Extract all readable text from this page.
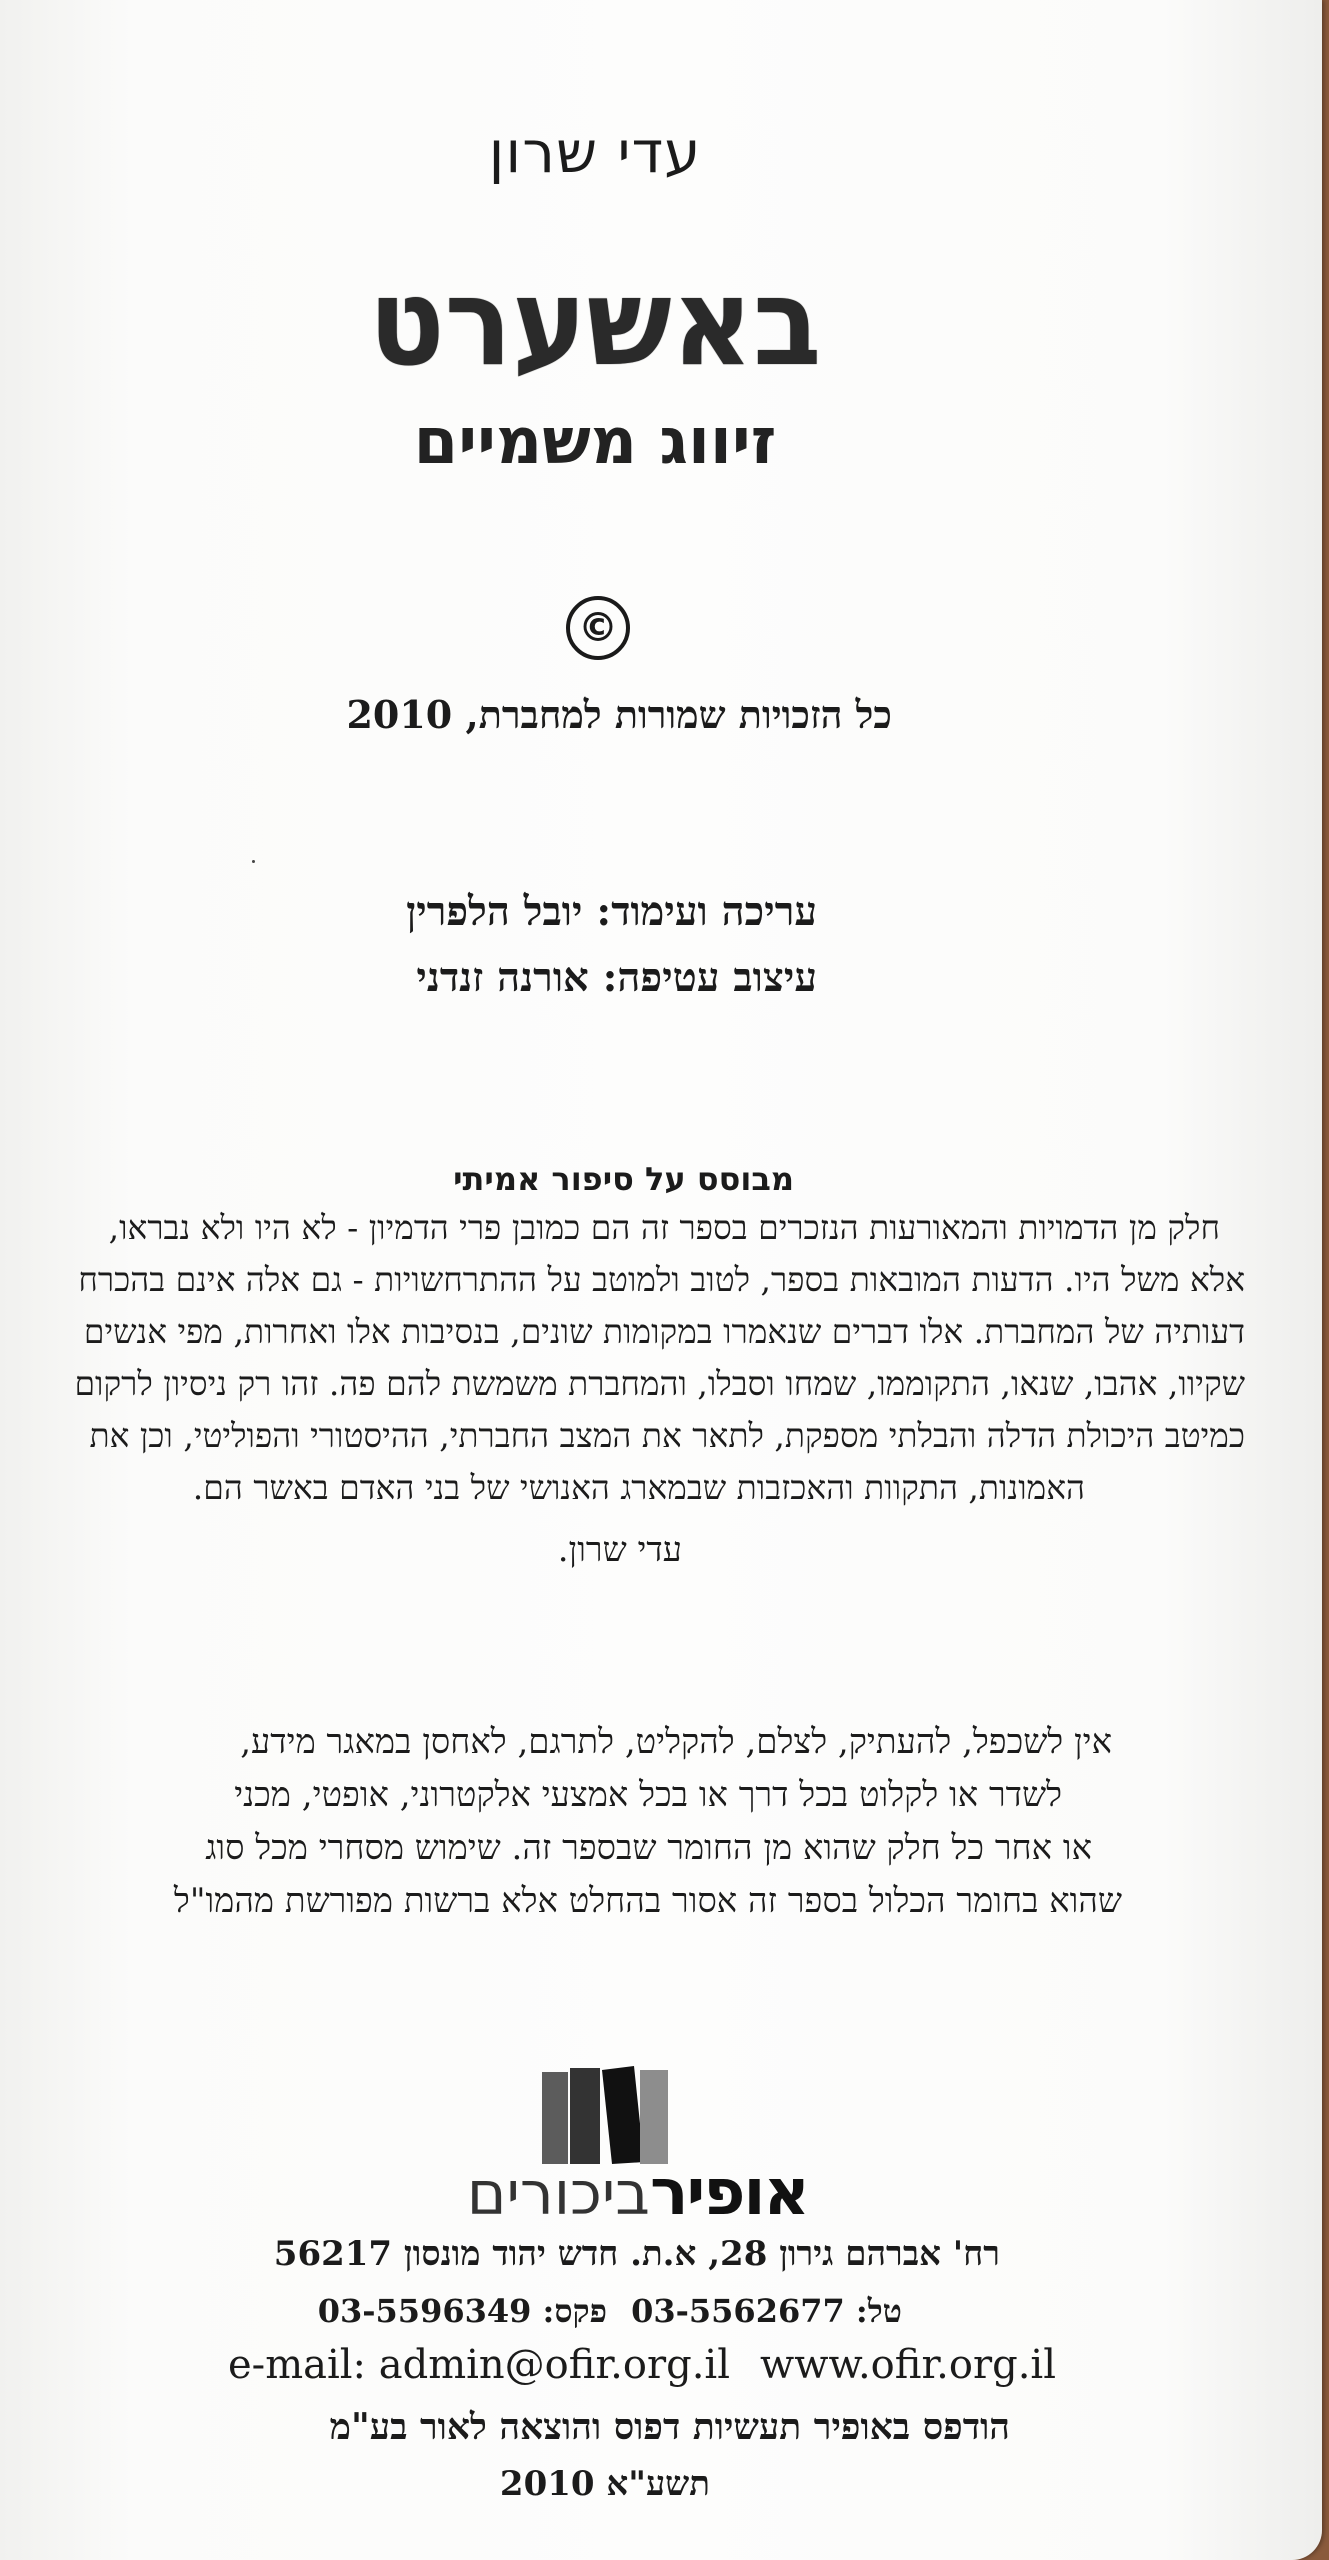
עדי שרון
באשערט
זיווג משמיים
©
כל הזכויות שמורות למחברת, 2010
עריכה ועימוד: יובל הלפרין
עיצוב עטיפה: אורנה זנדני
מבוסס על סיפור אמיתי
חלק מן הדמויות והמאורעות הנזכרים בספר זה הם כמובן פרי הדמיון - לא היו ולא נבראו,
אלא משל היו. הדעות המובאות בספר, לטוב ולמוטב על ההתרחשויות - גם אלה אינם בהכרח
דעותיה של המחברת. אלו דברים שנאמרו במקומות שונים, בנסיבות אלו ואחרות, מפי אנשים
שקיוו, אהבו, שנאו, התקוממו, שמחו וסבלו, והמחברת משמשת להם פה. זהו רק ניסיון לרקום
כמיטב היכולת הדלה והבלתי מספקת, לתאר את המצב החברתי, ההיסטורי והפוליטי, וכן את
האמונות, התקוות והאכזבות שבמארג האנושי של בני האדם באשר הם.
עדי שרון.
אין לשכפל, להעתיק, לצלם, להקליט, לתרגם, לאחסן במאגר מידע,
לשדר או לקלוט בכל דרך או בכל אמצעי אלקטרוני, אופטי, מכני
או אחר כל חלק שהוא מן החומר שבספר זה. שימוש מסחרי מכל סוג
שהוא בחומר הכלול בספר זה אסור בהחלט אלא ברשות מפורשת מהמו"ל
אופירביכורים
רח' אברהם גירון 28, א.ת. חדש יהוד מונסון 56217
טל: 03-5562677פקס: 03-5596349
e-mail: admin@ofir.org.il www.ofir.org.il
הודפס באופיר תעשיות דפוס והוצאה לאור בע"מ
תשע"א 2010
